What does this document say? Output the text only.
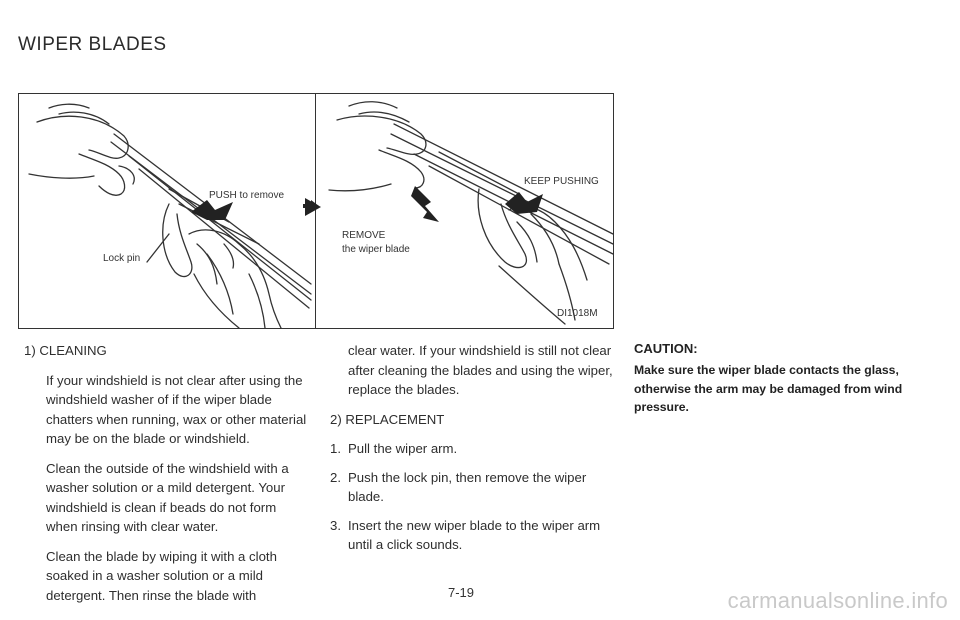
WIPER BLADES
PUSH to remove
Lock pin
KEEP PUSHING
REMOVE
the wiper blade
DI1018M
1) CLEANING

If your windshield is not clear after using the windshield washer of if the wiper blade chatters when running, wax or other material may be on the blade or windshield.

Clean the outside of the windshield with a washer solution or a mild detergent. Your windshield is clean if beads do not form when rinsing with clear water.

Clean the blade by wiping it with a cloth soaked in a washer solution or a mild detergent. Then rinse the blade with

clear water. If your windshield is still not clear after cleaning the blades and using the wiper, replace the blades.

2) REPLACEMENT
1. Pull the wiper arm.
2. Push the lock pin, then remove the wiper blade.
3. Insert the new wiper blade to the wiper arm until a click sounds.
CAUTION:
Make sure the wiper blade contacts the glass, otherwise the arm may be damaged from wind pressure.
7-19	carmanualsonline.info
